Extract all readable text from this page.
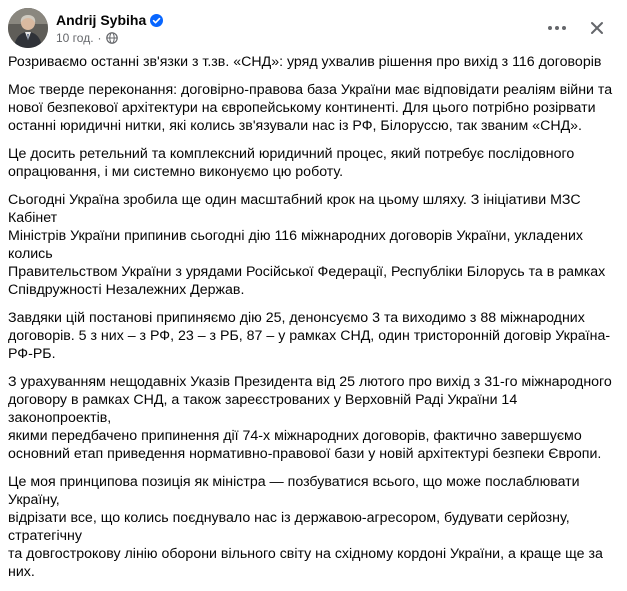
Andrij Sybiha
10 год. ·

Розриваємо останні зв'язки з т.зв. «СНД»: уряд ухвалив рішення про вихід з 116 договорів

Моє тверде переконання: договірно-правова база України має відповідати реаліям війни та
нової безпекової архітектури на європейському континенті. Для цього потрібно розірвати
останні юридичні нитки, які колись зв'язували нас із РФ, Білоруссю, так званим «СНД».

Це досить ретельний та комплексний юридичний процес, який потребує послідовного
опрацювання, і ми системно виконуємо цю роботу.

Сьогодні Україна зробила ще один масштабний крок на цьому шляху. З ініціативи МЗС Кабінет
Міністрів України припинив сьогодні дію 116 міжнародних договорів України, укладених колись
Правительством України з урядами Російської Федерації, Республіки Білорусь та в рамках
Співдружності Незалежних Держав.

Завдяки цій постанові припиняємо дію 25, денонсуємо 3 та виходимо з 88 міжнародних
договорів. 5 з них – з РФ, 23 – з РБ, 87 – у рамках СНД, один тристоронній договір Україна-РФ-РБ.

З урахуванням нещодавніх Указів Президента від 25 лютого про вихід з 31-го міжнародного
договору в рамках СНД, а також зареєстрованих у Верховній Раді України 14 законопроектів,
якими передбачено припинення дії 74-х міжнародних договорів, фактично завершуємо
основний етап приведення нормативно-правової бази у новій архітектурі безпеки Європи.

Це моя принципова позиція як міністра — позбуватися всього, що може послаблювати Україну,
відрізати все, що колись поєднувало нас із державою-агресором, будувати серйозну, стратегічну
та довгострокову лінію оборони вільного світу на східному кордоні України, а краще ще за них.
